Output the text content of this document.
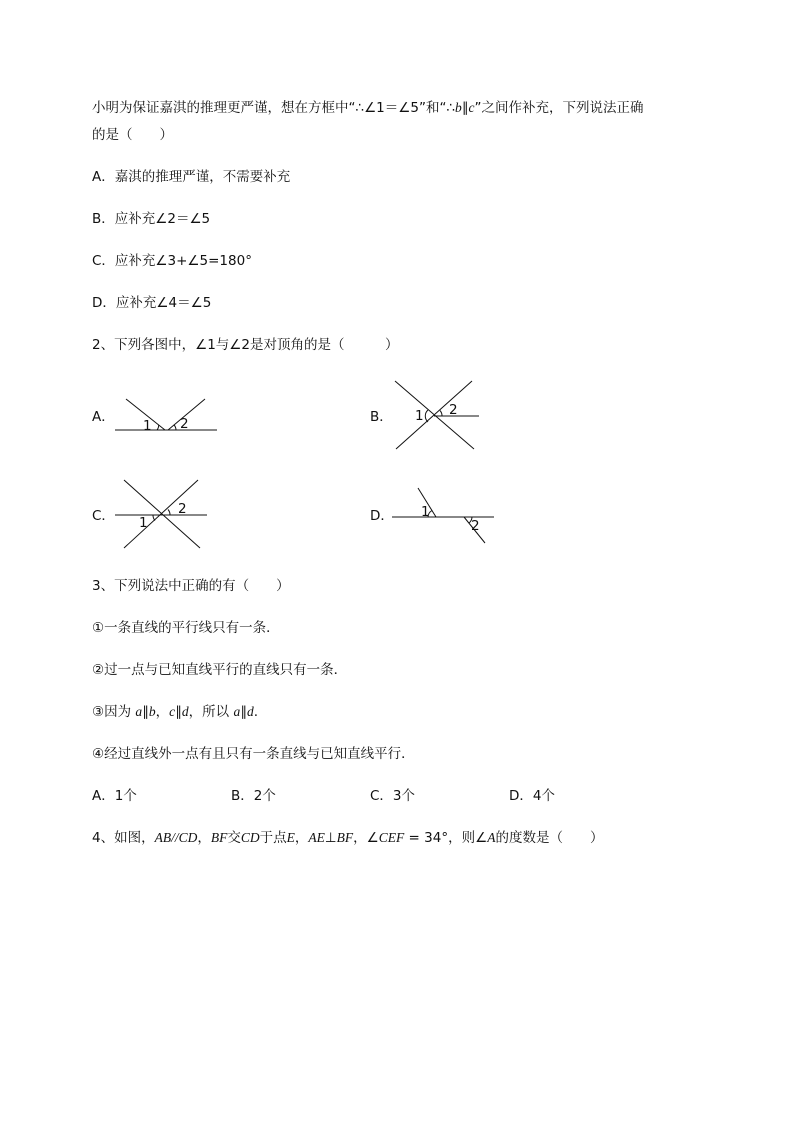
小明为保证嘉淇的推理更严谨，想在方框中“∴∠1＝∠5”和“∴b∥c”之间作补充，下列说法正确
的是（　　）
A．嘉淇的推理严谨，不需要补充
B．应补充∠2＝∠5
C．应补充∠3+∠5=180°
D．应补充∠4＝∠5
2、下列各图中，∠1与∠2是对顶角的是（　　　）
A．
1 2	B． 1 2
C． 1
2	D． 1
2
3、下列说法中正确的有（　　）
①一条直线的平行线只有一条．
②过一点与已知直线平行的直线只有一条．
③因为 a∥b，c∥d，所以 a∥d.
④经过直线外一点有且只有一条直线与已知直线平行．
A．1个	B．2个	C．3个	D．4个
4、如图，AB//CD，BF交CD于点E，AE⊥BF，∠CEF = 34°，则∠A的度数是（　　）
